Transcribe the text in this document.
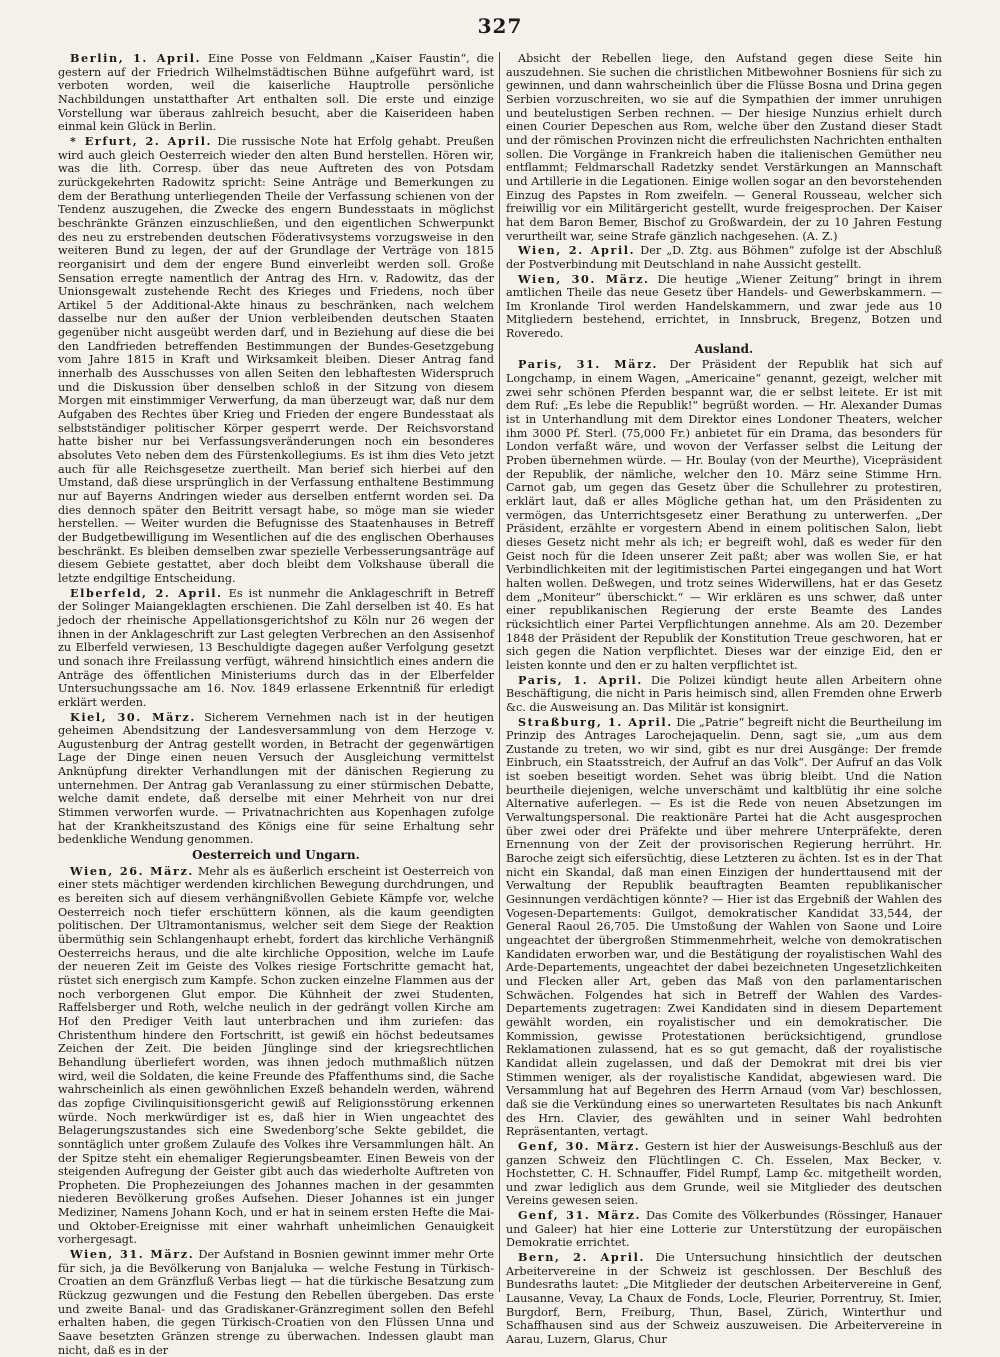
327

Berlin, 1. April. Eine Posse von Feldmann „Kaiser Faustin“, die gestern auf der Friedrich Wilhelmstädtischen Bühne aufgeführt ward, ist verboten worden, weil die kaiserliche Hauptrolle persönliche Nachbildungen unstatthafter Art enthalten soll. Die erste und einzige Vorstellung war überaus zahlreich besucht, aber die Kaiserideen haben einmal kein Glück in Berlin.

* Erfurt, 2. April. Die russische Note hat Erfolg gehabt. Preußen wird auch gleich Oesterreich wieder den alten Bund herstellen. Hören wir, was die lith. Corresp. über das neue Auftreten des von Potsdam zurückgekehrten Radowitz spricht: Seine Anträge und Bemerkungen zu dem der Berathung unterliegenden Theile der Verfassung schienen von der Tendenz auszugehen, die Zwecke des engern Bundesstaats in möglichst beschränkte Gränzen einzuschließen, und den eigentlichen Schwerpunkt des neu zu erstrebenden deutschen Föderativsystems vorzugsweise in den weiteren Bund zu legen, der auf der Grundlage der Verträge von 1815 reorganisirt und dem der engere Bund einverleibt werden soll. Große Sensation erregte namentlich der Antrag des Hrn. v. Radowitz, das der Unionsgewalt zustehende Recht des Krieges und Friedens, noch über Artikel 5 der Additional-Akte hinaus zu beschränken, nach welchem dasselbe nur den außer der Union verbleibenden deutschen Staaten gegenüber nicht ausgeübt werden darf, und in Beziehung auf diese die bei den Landfrieden betreffenden Bestimmungen der Bundes-Gesetzgebung vom Jahre 1815 in Kraft und Wirksamkeit bleiben. Dieser Antrag fand innerhalb des Ausschusses von allen Seiten den lebhaftesten Widerspruch und die Diskussion über denselben schloß in der Sitzung von diesem Morgen mit einstimmiger Verwerfung, da man überzeugt war, daß nur dem Aufgaben des Rechtes über Krieg und Frieden der engere Bundesstaat als selbstständiger politischer Körper gesperrt werde. Der Reichsvorstand hatte bisher nur bei Verfassungsveränderungen noch ein besonderes absolutes Veto neben dem des Fürstenkollegiums. Es ist ihm dies Veto jetzt auch für alle Reichsgesetze zuertheilt. Man berief sich hierbei auf den Umstand, daß diese ursprünglich in der Verfassung enthaltene Bestimmung nur auf Bayerns Andringen wieder aus derselben entfernt worden sei. Da dies dennoch später den Beitritt versagt habe, so möge man sie wieder herstellen. — Weiter wurden die Befugnisse des Staatenhauses in Betreff der Budgetbewilligung im Wesentlichen auf die des englischen Oberhauses beschränkt. Es bleiben demselben zwar spezielle Verbesserungsanträge auf diesem Gebiete gestattet, aber doch bleibt dem Volkshause überall die letzte endgiltige Entscheidung.

Elberfeld, 2. April. Es ist nunmehr die Anklageschrift in Betreff der Solinger Maiangeklagten erschienen. Die Zahl derselben ist 40. Es hat jedoch der rheinische Appellationsgerichtshof zu Köln nur 26 wegen der ihnen in der Anklageschrift zur Last gelegten Verbrechen an den Assisenhof zu Elberfeld verwiesen, 13 Beschuldigte dagegen außer Verfolgung gesetzt und sonach ihre Freilassung verfügt, während hinsichtlich eines andern die Anträge des öffentlichen Ministeriums durch das in der Elberfelder Untersuchungssache am 16. Nov. 1849 erlassene Erkenntniß für erledigt erklärt werden.

Kiel, 30. März. Sicherem Vernehmen nach ist in der heutigen geheimen Abendsitzung der Landesversammlung von dem Herzoge v. Augustenburg der Antrag gestellt worden, in Betracht der gegenwärtigen Lage der Dinge einen neuen Versuch der Ausgleichung vermittelst Anknüpfung direkter Verhandlungen mit der dänischen Regierung zu unternehmen. Der Antrag gab Veranlassung zu einer stürmischen Debatte, welche damit endete, daß derselbe mit einer Mehrheit von nur drei Stimmen verworfen wurde. — Privatnachrichten aus Kopenhagen zufolge hat der Krankheitszustand des Königs eine für seine Erhaltung sehr bedenkliche Wendung genommen.

Oesterreich und Ungarn.

Wien, 26. März. Mehr als es äußerlich erscheint ist Oesterreich von einer stets mächtiger werdenden kirchlichen Bewegung durchdrungen, und es bereiten sich auf diesem verhängnißvollen Gebiete Kämpfe vor, welche Oesterreich noch tiefer erschüttern können, als die kaum geendigten politischen. Der Ultramontanismus, welcher seit dem Siege der Reaktion übermüthig sein Schlangenhaupt erhebt, fordert das kirchliche Verhängniß Oesterreichs heraus, und die alte kirchliche Opposition, welche im Laufe der neueren Zeit im Geiste des Volkes riesige Fortschritte gemacht hat, rüstet sich energisch zum Kampfe. Schon zucken einzelne Flammen aus der noch verborgenen Glut empor. Die Kühnheit der zwei Studenten, Raffelsberger und Roth, welche neulich in der gedrängt vollen Kirche am Hof den Prediger Veith laut unterbrachen und ihm zuriefen: das Christenthum hindere den Fortschritt, ist gewiß ein höchst bedeutsames Zeichen der Zeit. Die beiden Jünglinge sind der kriegsrechtlichen Behandlung überliefert worden, was ihnen jedoch muthmaßlich nützen wird, weil die Soldaten, die keine Freunde des Pfaffenthums sind, die Sache wahrscheinlich als einen gewöhnlichen Exzeß behandeln werden, während das zopfige Civilinquisitionsgericht gewiß auf Religionsstörung erkennen würde. Noch merkwürdiger ist es, daß hier in Wien ungeachtet des Belagerungszustandes sich eine Swedenborg’sche Sekte gebildet, die sonntäglich unter großem Zulaufe des Volkes ihre Versammlungen hält. An der Spitze steht ein ehemaliger Regierungsbeamter. Einen Beweis von der steigenden Aufregung der Geister gibt auch das wiederholte Auftreten von Propheten. Die Prophezeiungen des Johannes machen in der gesammten niederen Bevölkerung großes Aufsehen. Dieser Johannes ist ein junger Mediziner, Namens Johann Koch, und er hat in seinem ersten Hefte die Mai- und Oktober-Ereignisse mit einer wahrhaft unheimlichen Genauigkeit vorhergesagt.

Wien, 31. März. Der Aufstand in Bosnien gewinnt immer mehr Orte für sich, ja die Bevölkerung von Banjaluka — welche Festung in Türkisch-Croatien an dem Gränzfluß Verbas liegt — hat die türkische Besatzung zum Rückzug gezwungen und die Festung den Rebellen übergeben. Das erste und zweite Banal- und das Gradiskaner-Gränzregiment sollen den Befehl erhalten haben, die gegen Türkisch-Croatien von den Flüssen Unna und Saave besetzten Gränzen strenge zu überwachen. Indessen glaubt man nicht, daß es in der

Absicht der Rebellen liege, den Aufstand gegen diese Seite hin auszudehnen. Sie suchen die christlichen Mitbewohner Bosniens für sich zu gewinnen, und dann wahrscheinlich über die Flüsse Bosna und Drina gegen Serbien vorzuschreiten, wo sie auf die Sympathien der immer unruhigen und beutelustigen Serben rechnen. — Der hiesige Nunzius erhielt durch einen Courier Depeschen aus Rom, welche über den Zustand dieser Stadt und der römischen Provinzen nicht die erfreulichsten Nachrichten enthalten sollen. Die Vorgänge in Frankreich haben die italienischen Gemüther neu entflammt; Feldmarschall Radetzky sendet Verstärkungen an Mannschaft und Artillerie in die Legationen. Einige wollen sogar an den bevorstehenden Einzug des Papstes in Rom zweifeln. — General Rousseau, welcher sich freiwillig vor ein Militärgericht gestellt, wurde freigesprochen. Der Kaiser hat dem Baron Bemer, Bischof zu Großwardein, der zu 10 Jahren Festung verurtheilt war, seine Strafe gänzlich nachgesehen. (A. Z.)

Wien, 2. April. Der „D. Ztg. aus Böhmen“ zufolge ist der Abschluß der Postverbindung mit Deutschland in nahe Aussicht gestellt.

Wien, 30. März. Die heutige „Wiener Zeitung“ bringt in ihrem amtlichen Theile das neue Gesetz über Handels- und Gewerbskammern. — Im Kronlande Tirol werden Handelskammern, und zwar jede aus 10 Mitgliedern bestehend, errichtet, in Innsbruck, Bregenz, Botzen und Roveredo.

Ausland.

Paris, 31. März. Der Präsident der Republik hat sich auf Longchamp, in einem Wagen, „Americaine“ genannt, gezeigt, welcher mit zwei sehr schönen Pferden bespannt war, die er selbst leitete. Er ist mit dem Ruf: „Es lebe die Republik!“ begrüßt worden. — Hr. Alexander Dumas ist in Unterhandlung mit dem Direktor eines Londoner Theaters, welcher ihm 3000 Pf. Sterl. (75,000 Fr.) anbietet für ein Drama, das besonders für London verfaßt wäre, und wovon der Verfasser selbst die Leitung der Proben übernehmen würde. — Hr. Boulay (von der Meurthe), Vicepräsident der Republik, der nämliche, welcher den 10. März seine Stimme Hrn. Carnot gab, um gegen das Gesetz über die Schullehrer zu protestiren, erklärt laut, daß er alles Mögliche gethan hat, um den Präsidenten zu vermögen, das Unterrichtsgesetz einer Berathung zu unterwerfen. „Der Präsident, erzählte er vorgestern Abend in einem politischen Salon, liebt dieses Gesetz nicht mehr als ich; er begreift wohl, daß es weder für den Geist noch für die Ideen unserer Zeit paßt; aber was wollen Sie, er hat Verbindlichkeiten mit der legitimistischen Partei eingegangen und hat Wort halten wollen. Deßwegen, und trotz seines Widerwillens, hat er das Gesetz dem „Moniteur“ überschickt.“ — Wir erklären es uns schwer, daß unter einer republikanischen Regierung der erste Beamte des Landes rücksichtlich einer Partei Verpflichtungen annehme. Als am 20. Dezember 1848 der Präsident der Republik der Konstitution Treue geschworen, hat er sich gegen die Nation verpflichtet. Dieses war der einzige Eid, den er leisten konnte und den er zu halten verpflichtet ist.

Paris, 1. April. Die Polizei kündigt heute allen Arbeitern ohne Beschäftigung, die nicht in Paris heimisch sind, allen Fremden ohne Erwerb &c. die Ausweisung an. Das Militär ist konsignirt.

Straßburg, 1. April. Die „Patrie“ begreift nicht die Beurtheilung im Prinzip des Antrages Larochejaquelin. Denn, sagt sie, „um aus dem Zustande zu treten, wo wir sind, gibt es nur drei Ausgänge: Der fremde Einbruch, ein Staatsstreich, der Aufruf an das Volk“. Der Aufruf an das Volk ist soeben beseitigt worden. Sehet was übrig bleibt. Und die Nation beurtheile diejenigen, welche unverschämt und kaltblütig ihr eine solche Alternative auferlegen. — Es ist die Rede von neuen Absetzungen im Verwaltungspersonal. Die reaktionäre Partei hat die Acht ausgesprochen über zwei oder drei Präfekte und über mehrere Unterpräfekte, deren Ernennung von der Zeit der provisorischen Regierung herrührt. Hr. Baroche zeigt sich eifersüchtig, diese Letzteren zu ächten. Ist es in der That nicht ein Skandal, daß man einen Einzigen der hunderttausend mit der Verwaltung der Republik beauftragten Beamten republikanischer Gesinnungen verdächtigen könnte? — Hier ist das Ergebniß der Wahlen des Vogesen-Departements: Guilgot, demokratischer Kandidat 33,544, der General Raoul 26,705. Die Umstoßung der Wahlen von Saone und Loire ungeachtet der übergroßen Stimmenmehrheit, welche von demokratischen Kandidaten erworben war, und die Bestätigung der royalistischen Wahl des Arde-Departements, ungeachtet der dabei bezeichneten Ungesetzlichkeiten und Flecken aller Art, geben das Maß von den parlamentarischen Schwächen. Folgendes hat sich in Betreff der Wahlen des Vardes-Departements zugetragen: Zwei Kandidaten sind in diesem Departement gewählt worden, ein royalistischer und ein demokratischer. Die Kommission, gewisse Protestationen berücksichtigend, grundlose Reklamationen zulassend, hat es so gut gemacht, daß der royalistische Kandidat allein zugelassen, und daß der Demokrat mit drei bis vier Stimmen weniger, als der royalistische Kandidat, abgewiesen ward. Die Versammlung hat auf Begehren des Herrn Arnaud (vom Var) beschlossen, daß sie die Verkündung eines so unerwarteten Resultates bis nach Ankunft des Hrn. Clavier, des gewählten und in seiner Wahl bedrohten Repräsentanten, vertagt.

Genf, 30. März. Gestern ist hier der Ausweisungs-Beschluß aus der ganzen Schweiz den Flüchtlingen C. Ch. Esselen, Max Becker, v. Hochstetter, C. H. Schnauffer, Fidel Rumpf, Lamp &c. mitgetheilt worden, und zwar lediglich aus dem Grunde, weil sie Mitglieder des deutschen Vereins gewesen seien.

Genf, 31. März. Das Comite des Völkerbundes (Rössinger, Hanauer und Galeer) hat hier eine Lotterie zur Unterstützung der europäischen Demokratie errichtet.

Bern, 2. April. Die Untersuchung hinsichtlich der deutschen Arbeitervereine in der Schweiz ist geschlossen. Der Beschluß des Bundesraths lautet: „Die Mitglieder der deutschen Arbeitervereine in Genf, Lausanne, Vevay, La Chaux de Fonds, Locle, Fleurier, Porrentruy, St. Imier, Burgdorf, Bern, Freiburg, Thun, Basel, Zürich, Winterthur und Schaffhausen sind aus der Schweiz auszuweisen. Die Arbeitervereine in Aarau, Luzern, Glarus, Chur
